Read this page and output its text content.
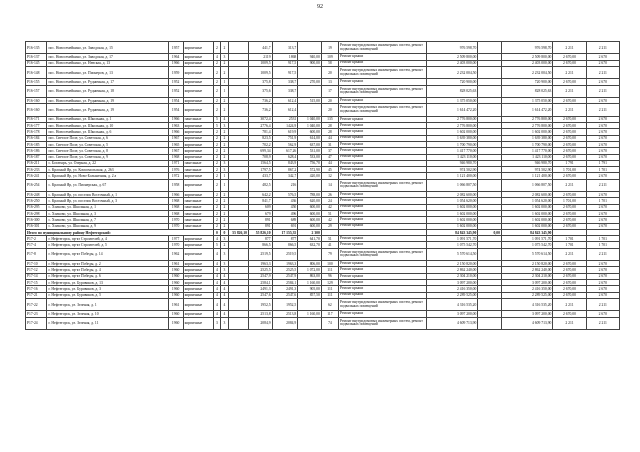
92
Р16-135	пос. Новосемейкино, ул. Заводская, д. 15	1957	кирпичные	2	2		441,7	313,7		19	Ремонт внутридомовых инженерных систем, ремонт подвальных помещений	976 598,70		976 598,70	2 211	2 211
Р16-137	пос. Новосемейкино, ул. Заводская, д. 17	1964	кирпичные	4	3		2119	1868	940,00	109	Ремонт крыши	2 509 800,00		2 509 800,00	2 670,00	2 670
Р16-145	пос. Новосемейкино, ул. Невская, д. 13	1966	кирпичные	2	2		1009,5	917,5	900,00	58	Ремонт крыши	2 403 000,00		2 403 000,00	2 670,00	2 670
Р16-148	пос. Новосемейкино, ул. Пионеров, д. 13	1959	кирпичные	2	2		1009,5	917,5		20	Ремонт внутридомовых инженерных систем, ремонт подвальных помещений	2 232 004,50		2 232 004,50	2 211	2 211
Р16-155	пос. Новосемейкино, ул. Рудничная, д. 17	1952	кирпичные	2	1		375,8	338,7	270,00	13	Ремонт крыши	720 900,00		720 900,00	2 670,00	2 670
Р16-157	пос. Новосемейкино, ул. Рудничная, д. 18	1952	кирпичные	2	1		375,6	338,7		17	Ремонт внутридомовых инженерных систем, ремонт подвальных помещений	828 025,63		828 025,63	2 211	2 211
Р16-160	пос. Новосемейкино, ул. Рудничная, д. 19	1954	кирпичные	2	2		736,2	612,4	515,00	20	Ремонт крыши	1 375 050,00		1 375 050,00	2 670,00	2 670
Р16-160	пос. Новосемейкино, ул. Рудничная, д. 19	1954	кирпичные	2	2		736,2	612,4		20	Ремонт внутридомовых инженерных систем, ремонт подвальных помещений	1 614 472,20		1 614 472,20	2 211	2 211
Р16-171	пос. Новосемейкино, ул. Школьная, д. 1	1966	панельные	5	4		3072,4	2531	1 040,00	135	Ремонт крыши	2 776 800,00		2 776 800,00	2 670,00	2 670
Р16-177	пос. Новосемейкино, ул. Школьная, д. 10	1963	кирпичные	5	3		2776,4	1424,9	1 040,00	28	Ремонт крыши	2 776 800,00		2 776 800,00	2 670,00	2 670
Р16-178	пос. Новосемейкино, ул. Школьная, д. 6	1966	кирпичные	2	2		781,4	619,9	600,00	28	Ремонт крыши	1 602 000,00		1 602 000,00	2 670,00	2 670
Р16-184	пос. Светлое Поле, ул. Советская, д. 6	1967	кирпичные	2	2		823,5	751,9	614,00	44	Ремонт крыши	1 639 380,00		1 639 380,00	2 670,00	2 670
Р16-185	пос. Светлое Поле, ул. Советская, д. 5	1965	кирпичные	2	2		702,2	562,9	637,00	31	Ремонт крыши	1 700 790,00		1 700 790,00	2 670,00	2 670
Р16-186	пос. Светлое Поле, ул. Советская, д. 8	1967	кирпичные	2	2		699,34	617,26	531,00	37	Ремонт крыши	1 417 770,00		1 417 770,00	2 670,00	2 670
Р16-187	пос. Светлое Поле, ул. Советская, д. 9	1968	кирпичные	2	2		708,9	628,4	533,00	47	Ремонт крыши	1 423 110,00		1 423 110,00	2 670,00	2 670
Р16-211	с. Богатырь, ул. Озерная, д. 22	1971	панельные	2	3		1564,5	843,9	756,70	44	Ремонт крыши	946 980,70		946 980,70	1 791	1 791
Р16-233	с. Красный Яр, ул. Комсомольская, д. 263	1976	панельные	2	3		1797,5	867,2	572,90	45	Ремонт крыши	974 502,90		974 502,90	1 701,00	1 701
Р16-241	с. Красный Яр, ул. Ново-Больничная, д. 2 а	1972	кирпичные	2	1		433,7	342,7	420,00	12	Ремонт крыши	1 121 400,00		1 121 400,00	2 670,00	2 670
Р16-254	с. Красный Яр, ул. Пионерская, д. 67	1958	кирпичные	2	1		482,5	216		14	Ремонт внутридомовых инженерных систем, ремонт подвальных помещений	1 066 807,50		1 066 807,50	2 211	2 211
Р16-248	с. Красный Яр, ул. поселок Восточный, д. 1	1966	кирпичные	2	2		642,2	576,5	788,00	26	Ремонт крыши	2 082 600,00		2 082 600,00	2 670,00	2 670
Р16-250	с. Красный Яр, ул. поселок Восточный, д. 3	1968	панельные	2	2		841,7	436	620,00	24	Ремонт крыши	1 054 620,00		1 054 620,00	1 701,00	1 701
Р16-295	с. Хилково, ул. Школьная, д. 1	1968	панельные	2	2		609	450	600,00	42	Ремонт крыши	1 602 000,00		1 602 000,00	2 670,00	2 670
Р16-298	с. Хилково, ул. Школьная, д. 3	1968	панельные	2	2		679	496	600,00	51	Ремонт крыши	1 602 000,00		1 602 000,00	2 670,00	2 670
Р16-300	с. Хилково, ул. Школьная, д. 7	1970	панельные	2	2		891	689	600,00	42	Ремонт крыши	1 602 000,00		1 602 000,00	2 670,00	2 670
Р16-301	с. Хилково, ул. Школьная, д. 9	1970	панельные	2	2		891	691	600,00	29	Ремонт крыши	1 602 000,00		1 602 000,00	2 670,00	2 670
Итого по муниципальному району Нефтегорский:				0	0	55 826,10	55 826,10	17 155,35	2 300			84 843 345,90	0,00	84 843 345,90		
Р17-2	г. Нефтегорск, пр-кт Строителей, д. 4	1977	кирпичные	4	3		877	877	641,70	51	Ремонт крыши	1 091 571,70		1 091 571,70	1 701	1 701
Р17-4	г. Нефтегорск, пр-кт Строителей, д. 5	1970	кирпичные	5	2		866,5	866,5	632,70	41	Ремонт крыши	1 075 542,70		1 075 542,70	1 701	1 701
Р17-8	г. Нефтегорск, пр-кт Победы, д. 14	1962	кирпичные	4	3		2519,5	2519,5		79	Ремонт внутридомовых инженерных систем, ремонт подвальных помещений	5 570 614,50		5 570 614,50	2 211	2 211
Р17-10	г. Нефтегорск, пр-кт Победы, д. 2	1961	кирпичные	4	3		1963,3	1963,3	806,00	100	Ремонт крыши	2 150 820,00		2 150 820,00	2 670,00	2 670
Р17-12	г. Нефтегорск, пр-кт Победы, д. 4	1960	кирпичные	4	3		2525,5	2525,5	1 072,00	111	Ремонт крыши	2 862 240,00		2 862 240,00	2 670,00	2 670
Р17-14	г. Нефтегорск, пр-кт Победы, д. 6	1960	кирпичные	4	4		2547,9	2547,9	863,00	96	Ремонт крыши	2 304 210,00		2 304 210,00	2 670,00	2 670
Р17-15	г. Нефтегорск, ул. Буровиков, д. 13	1960	кирпичные	4	4		2584,1	2584,1	1 160,00	129	Ремонт крыши	3 097 200,00		3 097 200,00	2 670,00	2 670
Р17-16	г. Нефтегорск, ул. Буровиков, д. 3	1960	кирпичные	4	4		2491,3	2491,3	905,00	111	Ремонт крыши	2 416 350,00		2 416 350,00	2 670,00	2 670
Р17-21	г. Нефтегорск, ул. Буровиков, д. 5	1960	кирпичные	4	4		2547,6	2547,6	857,50	111	Ремонт крыши	2 289 525,00		2 289 525,00	2 670,00	2 670
Р17-22	г. Нефтегорск, ул. Зеленая, д. 1	1961	кирпичные	4	4		1952,5	1952,5		62	Ремонт внутридомовых инженерных систем, ремонт подвальных помещений	4 316 535,20		4 316 535,20	2 211	2 211
Р17-23	г. Нефтегорск, ул. Зеленая, д. 10	1960	кирпичные	4	4		2513,8	2513,8	1 160,00	117	Ремонт крыши	3 097 200,00		3 097 200,00	2 670,00	2 670
Р17-24	г. Нефтегорск, ул. Зеленая, д. 11	1960	кирпичные	3	3		2084,9	2084,9		74	Ремонт внутридомовых инженерных систем, ремонт подвальных помещений	4 609 713,90		4 609 713,90	2 211	2 211
